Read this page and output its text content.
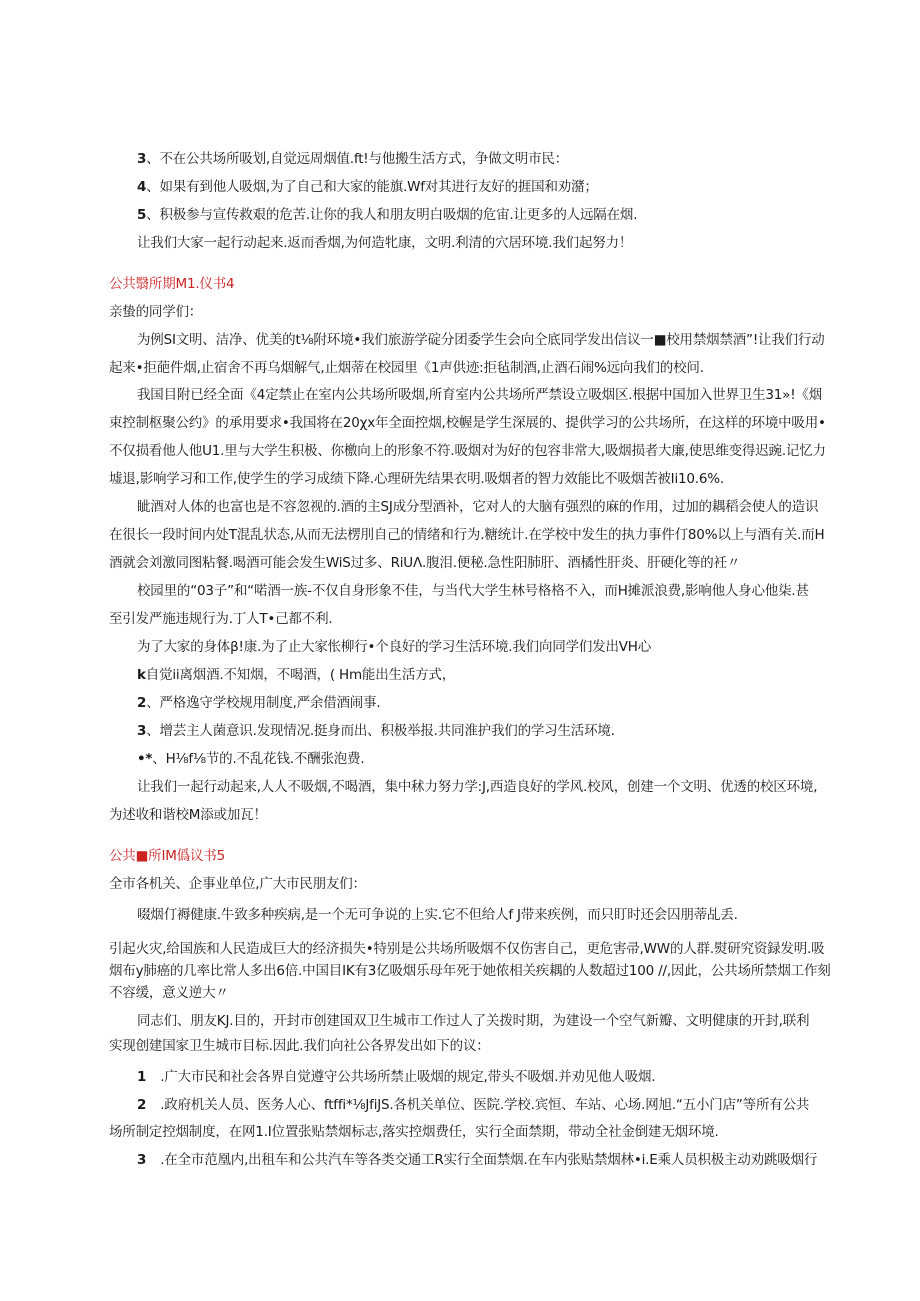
3、不在公共场所吸划,自觉远周烟值.ft!与他搬生活方式，争做文明市民：
4、如果有到他人吸烟,为了自己和大家的能旗.Wf对其进行友好的捱国和劝潴；
5、积极参与宣传救艰的危苦.让你的我人和朋友明白吸烟的危宙.让更多的人远隔在烟.
让我们大家一起行动起来.返而香烟,为何造牝康，文明.利清的穴居环境.我们起努力！
公共翳所期M1.仪书4
亲蛰的同学们：
为例SI文明、洁净、优美的t⅛附环境•我们旅游学碇分团委学生会向仝底同学发出信议一■校用禁烟禁酒”!让我们行动
起来•拒葩件烟,止宿舍不再乌烟解气,止烟蒂在校园里《1声供迹:拒毡制酒,止酒石闹%远向我们的校问.
我国目附已经全面《4定禁止在室内公共场所吸烟,所育室内公共场所严禁设立吸烟区.根据中国加入世界卫生31»!《烟
束控制枢聚公约》的承用要求•我国将在20χx年全面控烟,校幄是学生深展的、提供学习的公共场所，在这样的环境中吸用•
不仅损看他人他U1.里与大学生积极、你檄向上的形象不符.吸烟对为好的包容非常大,吸烟损者大廉,使思维变得迟豌.记忆力
墟退,影响学习和工作,使学生的学习成绩下降.心理研先结果衣明.吸烟者的智力效能比不吸烟苦被Ii10.6%.
眦酒对人体的也富也是不容忽视的.酒的主SJ成分型酒补，它对人的大脑有强烈的麻的作用，过加的耦稻会使人的造识
在很长一段时间内处T混乱状态,从而无法楞刖自己的情绪和行为.糖统计.在学校中发生的执力事件仃80%以上与酒有关.而H
酒就会刘激同图粘餐.喝酒可能会发生WiS过多、RiUΛ.腹泪.便秘.急性阳肺肝、酒橘性肝炎、肝硬化等的衽〃
校园里的“03子”和“喏酒一族-不仅自身形象不佳，与当代大学生林号格格不入，而H摊派浪费,影响他人身心他柒.甚
至引发严施违规行为.丁人T•己都不利.
为了大家的身体β!康.为了止大家怅柳行•个良好的学习生活环境.我们向同学们发出VH心
k自觉ii离烟酒.不知烟，不喝酒，( Hm能出生活方式，
2、严格逸守学校规用制度,严余借酒闹事.
3、增芸主人菌意识.发现情况.挺身而出、积极举报.共同淮护我们的学习生活环境.
•*、H⅛f⅛节的.不乱花钱.不酬张泡费.
让我们一起行动起来,人人不吸烟,不喝酒，集中秫力努力学:J,西造良好的学风.校风，创建一个文明、优透的校区环境,
为述收和谐校M添或加瓦！
公共■所IM僞议书5
全市各机关、企事业单位,广大市民朋友们：
啜烟仃褥健康.牛致多种疾病,是一个无可争说的上实.它不但给人f J带来疾例，而只盯时还会囚朋蒂乩丢.
引起火灾,给国族和人民造成巨大的经济损失•特别是公共场所吸烟不仅伤害自己，更危害帚,WW的人群.熨研究资録发明.吸
烟布y肺癌的几率比常人多出6倍.中国目IK有3亿吸烟乐母年死于她侬相关疾耦的人数超过100 //,因此，公共场所禁烟工作刻
不容缓，意义逆大〃
同志们、朋友KJ.目的，开封市创建国双卫生城市工作过人了关拨时期，为建设一个空气新瓣、文明健康的开封,联利
实现创建国家卫生城市目标.因此.我们向社公各界发出如下的议：
1 .广大市民和社会各界自觉遵守公共场所禁止吸烟的规定,带头不吸烟.并劝见他人吸烟.
2 .政府机关人员、医务人心、ftffi*⅛JfiJS.各机关单位、医院.学校.宾恒、车站、心场.网旭.“五小门店”等所有公共
场所制定控烟制度，在网1.I位置张贴禁烟标志,落实控烟费任，实行全面禁期，带动全社金倒建无烟环境.
3 .在全市范凰内,出租车和公共汽车等各类交通工R实行全面禁烟.在车内张贴禁烟林•i.E乘人员枳极主动劝跳吸烟行
